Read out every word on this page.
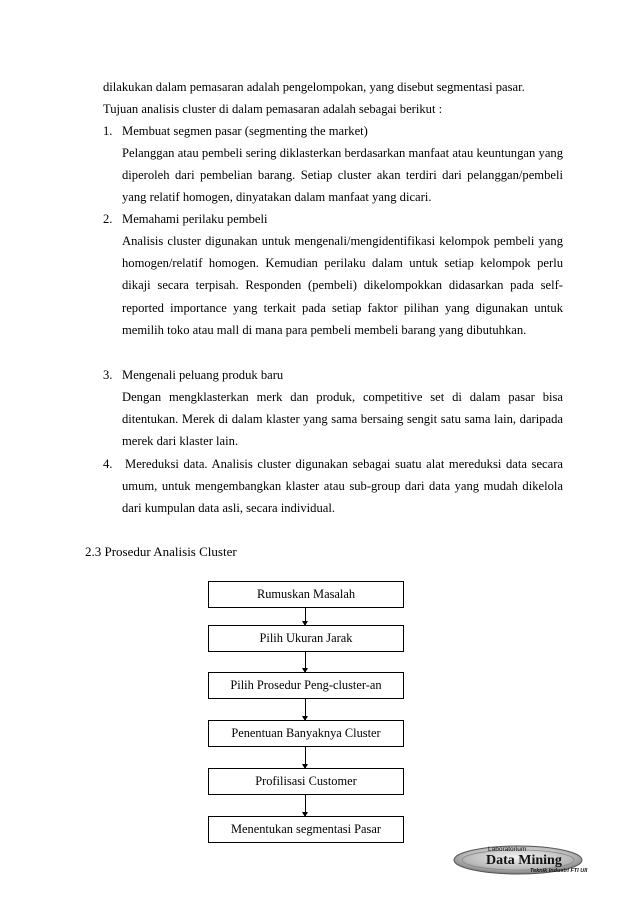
dilakukan dalam pemasaran adalah pengelompokan, yang disebut segmentasi pasar.

Tujuan analisis cluster di dalam pemasaran adalah sebagai berikut :

1. Membuat segmen pasar (segmenting the market)

Pelanggan atau pembeli sering diklasterkan berdasarkan manfaat atau keuntungan yang diperoleh dari pembelian barang. Setiap cluster akan terdiri dari pelanggan/pembeli yang relatif homogen, dinyatakan dalam manfaat yang dicari.

2. Memahami perilaku pembeli

Analisis cluster digunakan untuk mengenali/mengidentifikasi kelompok pembeli yang homogen/relatif homogen. Kemudian perilaku dalam untuk setiap kelompok perlu dikaji secara terpisah. Responden (pembeli) dikelompokkan didasarkan pada self-reported importance yang terkait pada setiap faktor pilihan yang digunakan untuk memilih toko atau mall di mana para pembeli membeli barang yang dibutuhkan.

3. Mengenali peluang produk baru

Dengan mengklasterkan merk dan produk, competitive set di dalam pasar bisa ditentukan. Merek di dalam klaster yang sama bersaing sengit satu sama lain, daripada merek dari klaster lain.

4. Mereduksi data. Analisis cluster digunakan sebagai suatu alat mereduksi data secara umum, untuk mengembangkan klaster atau sub-group dari data yang mudah dikelola dari kumpulan data asli, secara individual.

2.3 Prosedur Analisis Cluster
Rumuskan Masalah
Pilih Ukuran Jarak
Pilih Prosedur Peng-cluster-an
Penentuan Banyaknya Cluster
Profilisasi Customer
Menentukan segmentasi Pasar
Laboratorium
Data Mining
Teknik Industri FTI UII
